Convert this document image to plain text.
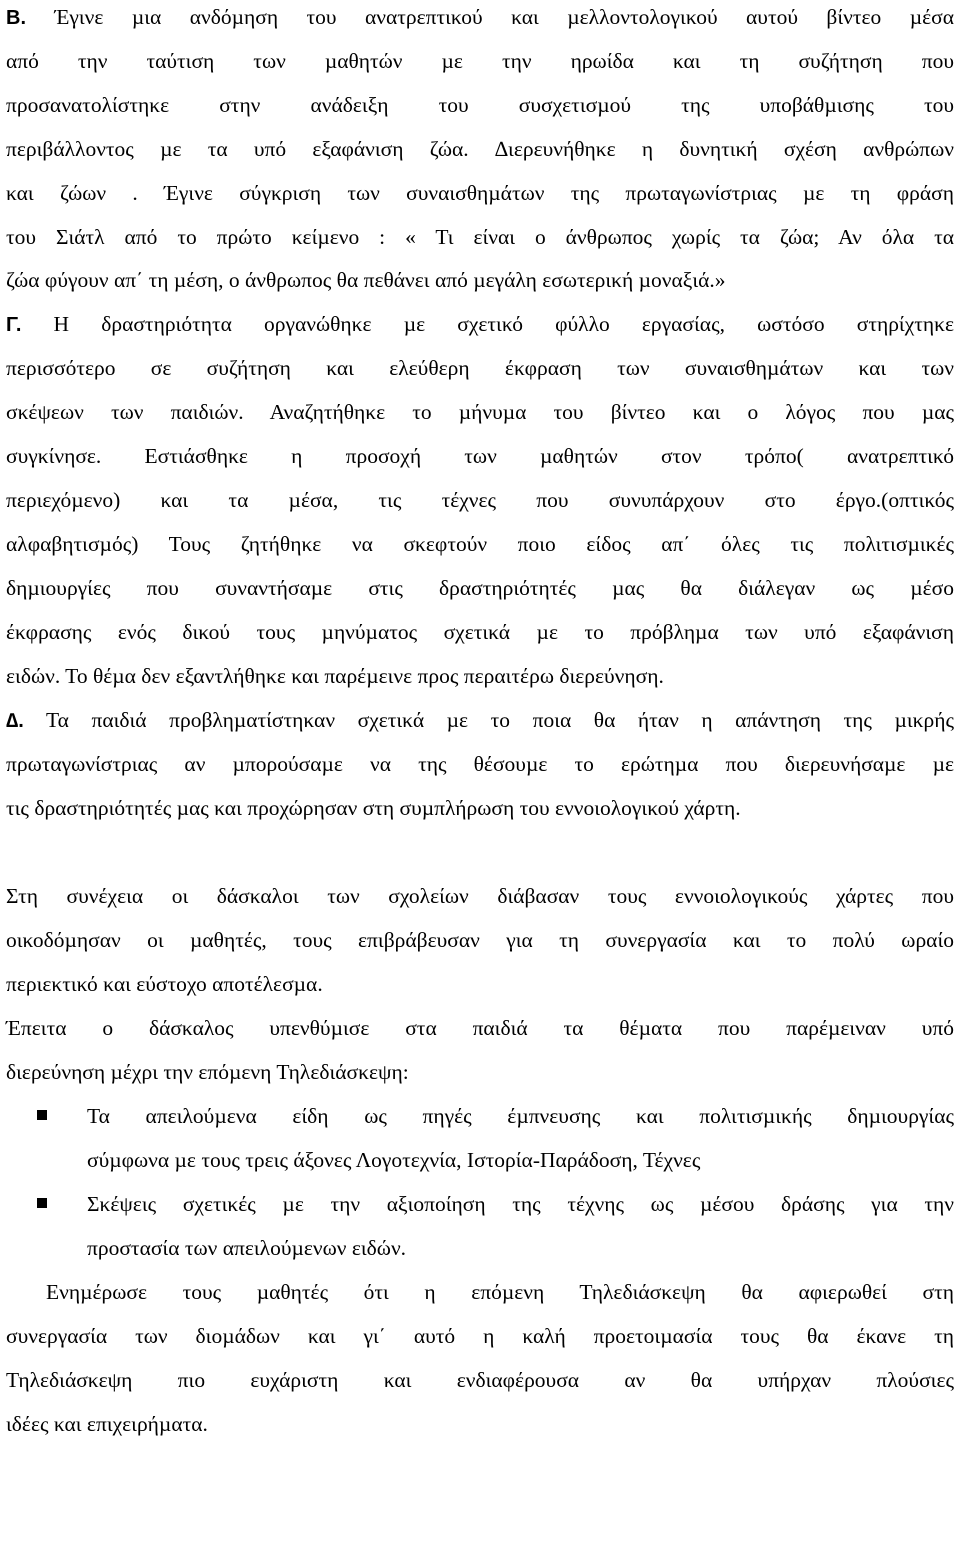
Β. Έγινε µια ανδόµηση του ανατρεπτικού και µελλοντολογικού αυτού βίντεο µέσα
από την ταύτιση των µαθητών µε την ηρωίδα και τη συζήτηση που
προσανατολίστηκε στην ανάδειξη του συσχετισµού της υποβάθµισης του
περιβάλλοντος µε τα υπό εξαφάνιση ζώα. ∆ιερευνήθηκε η δυνητική σχέση ανθρώπων
και ζώων . Έγινε σύγκριση των συναισθηµάτων της πρωταγωνίστριας µε τη φράση
του Σιάτλ από το πρώτο κείµενο : « Τι είναι ο άνθρωπος χωρίς τα ζώα; Αν όλα τα
ζώα φύγουν απ΄ τη µέση, ο άνθρωπος θα πεθάνει από µεγάλη εσωτερική µοναξιά.»
Γ. Η δραστηριότητα οργανώθηκε µε σχετικό φύλλο εργασίας, ωστόσο στηρίχτηκε
περισσότερο σε συζήτηση και ελεύθερη έκφραση των συναισθηµάτων και των
σκέψεων των παιδιών. Αναζητήθηκε το µήνυµα του βίντεο και ο λόγος που µας
συγκίνησε. Εστιάσθηκε η προσοχή των µαθητών στον τρόπο( ανατρεπτικό
περιεχόµενο) και τα µέσα, τις τέχνες που συνυπάρχουν στο έργο.(οπτικός
αλφαβητισµός) Τους ζητήθηκε να σκεφτούν ποιο είδος απ΄ όλες τις πολιτισµικές
δηµιουργίες που συναντήσαµε στις δραστηριότητές µας θα διάλεγαν ως µέσο
έκφρασης ενός δικού τους µηνύµατος σχετικά µε το πρόβληµα των υπό εξαφάνιση
ειδών. Το θέµα δεν εξαντλήθηκε και παρέµεινε προς περαιτέρω διερεύνηση.
∆. Τα παιδιά προβληµατίστηκαν σχετικά µε το ποια θα ήταν η απάντηση της µικρής
πρωταγωνίστριας αν µπορούσαµε να της θέσουµε το ερώτηµα που διερευνήσαµε µε
τις δραστηριότητές µας και προχώρησαν στη συµπλήρωση του εννοιολογικού χάρτη.
Στη συνέχεια οι δάσκαλοι των σχολείων διάβασαν τους εννοιολογικούς χάρτες που
οικοδόµησαν οι µαθητές, τους επιβράβευσαν για τη συνεργασία και το πολύ ωραίο
περιεκτικό και εύστοχο αποτέλεσµα.
Έπειτα ο δάσκαλος υπενθύµισε στα παιδιά τα θέµατα που παρέµειναν υπό
διερεύνηση µέχρι την επόµενη Τηλεδιάσκεψη:
Τα απειλούµενα είδη ως πηγές έµπνευσης και πολιτισµικής δηµιουργίας
σύµφωνα µε τους τρεις άξονες Λογοτεχνία, Ιστορία-Παράδοση, Τέχνες
Σκέψεις σχετικές µε την αξιοποίηση της τέχνης ως µέσου δράσης για την
προστασία των απειλούµενων ειδών.
Ενηµέρωσε τους µαθητές ότι η επόµενη Τηλεδιάσκεψη θα αφιερωθεί στη
συνεργασία των διοµάδων και γι΄ αυτό η καλή προετοιµασία τους θα έκανε τη
Τηλεδιάσκεψη πιο ευχάριστη και ενδιαφέρουσα αν θα υπήρχαν πλούσιες
ιδέες και επιχειρήµατα.
